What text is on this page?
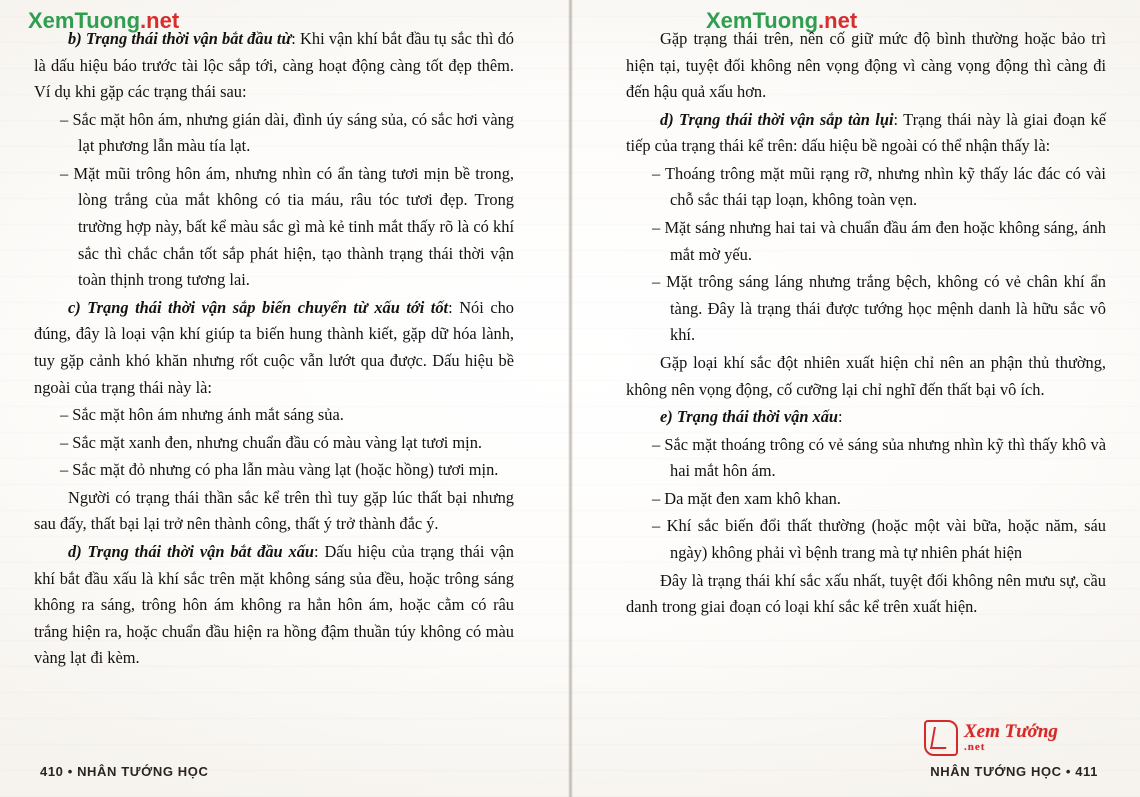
XemTuong.net	XemTuong.net

b) Trạng thái thời vận bắt đầu từ: Khi vận khí bắt đầu tụ sắc thì đó là dấu hiệu báo trước tài lộc sắp tới, càng hoạt động càng tốt đẹp thêm. Ví dụ khi gặp các trạng thái sau:

– Sắc mặt hôn ám, nhưng gián dài, đình úy sáng sủa, có sắc hơi vàng lạt phương lẫn màu tía lạt.
– Mặt mũi trông hôn ám, nhưng nhìn có ẩn tàng tươi mịn bề trong, lòng trắng của mắt không có tia máu, râu tóc tươi đẹp. Trong trường hợp này, bất kể màu sắc gì mà kẻ tinh mắt thấy rõ là có khí sắc thì chắc chắn tốt sắp phát hiện, tạo thành trạng thái thời vận toàn thịnh trong tương lai.

c) Trạng thái thời vận sắp biến chuyển từ xấu tới tốt: Nói cho đúng, đây là loại vận khí giúp ta biến hung thành kiết, gặp dữ hóa lành, tuy gặp cảnh khó khăn nhưng rốt cuộc vẫn lướt qua được. Dấu hiệu bề ngoài của trạng thái này là:

– Sắc mặt hôn ám nhưng ánh mắt sáng sủa.
– Sắc mặt xanh đen, nhưng chuẩn đầu có màu vàng lạt tươi mịn.
– Sắc mặt đỏ nhưng có pha lẫn màu vàng lạt (hoặc hồng) tươi mịn.

Người có trạng thái thần sắc kể trên thì tuy gặp lúc thất bại nhưng sau đấy, thất bại lại trở nên thành công, thất ý trở thành đắc ý.

d) Trạng thái thời vận bắt đầu xấu: Dấu hiệu của trạng thái vận khí bắt đầu xấu là khí sắc trên mặt không sáng sủa đều, hoặc trông sáng không ra sáng, trông hôn ám không ra hẳn hôn ám, hoặc cằm có râu trắng hiện ra, hoặc chuẩn đầu hiện ra hồng đậm thuần túy không có màu vàng lạt đi kèm.

410 • NHÂN TƯỚNG HỌC

Gặp trạng thái trên, nên cố giữ mức độ bình thường hoặc bảo trì hiện tại, tuyệt đối không nên vọng động vì càng vọng động thì càng đi đến hậu quả xấu hơn.

d) Trạng thái thời vận sắp tàn lụi: Trạng thái này là giai đoạn kế tiếp của trạng thái kể trên: dấu hiệu bề ngoài có thể nhận thấy là:

– Thoáng trông mặt mũi rạng rỡ, nhưng nhìn kỹ thấy lác đác có vài chỗ sắc thái tạp loạn, không toàn vẹn.
– Mặt sáng nhưng hai tai và chuẩn đầu ám đen hoặc không sáng, ánh mắt mờ yếu.
– Mặt trông sáng láng nhưng trắng bệch, không có vẻ chân khí ẩn tàng. Đây là trạng thái được tướng học mệnh danh là hữu sắc vô khí.

Gặp loại khí sắc đột nhiên xuất hiện chỉ nên an phận thủ thường, không nên vọng động, cố cưỡng lại chỉ nghĩ đến thất bại vô ích.

e) Trạng thái thời vận xấu:

– Sắc mặt thoáng trông có vẻ sáng sủa nhưng nhìn kỹ thì thấy khô và hai mắt hôn ám.
– Da mặt đen xam khô khan.
– Khí sắc biến đổi thất thường (hoặc một vài bữa, hoặc năm, sáu ngày) không phải vì bệnh trang mà tự nhiên phát hiện

Đây là trạng thái khí sắc xấu nhất, tuyệt đối không nên mưu sự, cầu danh trong giai đoạn có loại khí sắc kể trên xuất hiện.

Xem Tướng
.net
NHÂN TƯỚNG HỌC • 411
